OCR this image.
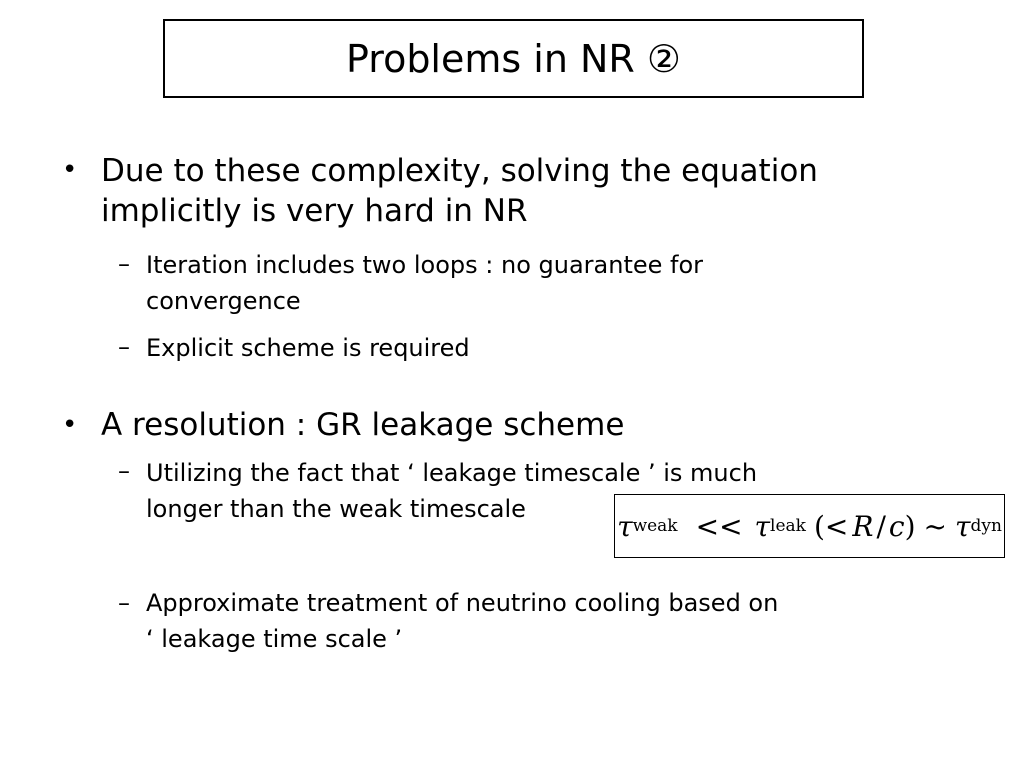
Problems in NR ②
• Due to these complexity, solving the equation
implicitly is very hard in NR
– Iteration includes two loops : no guarantee for
convergence
– Explicit scheme is required
• A resolution : GR leakage scheme
– Utilizing the fact that ‘ leakage timescale ’ is much
longer than the weak timescale
τ weak << τ leak (< R / c ) ~ τ dyn
– Approximate treatment of neutrino cooling based on
‘ leakage time scale ’
